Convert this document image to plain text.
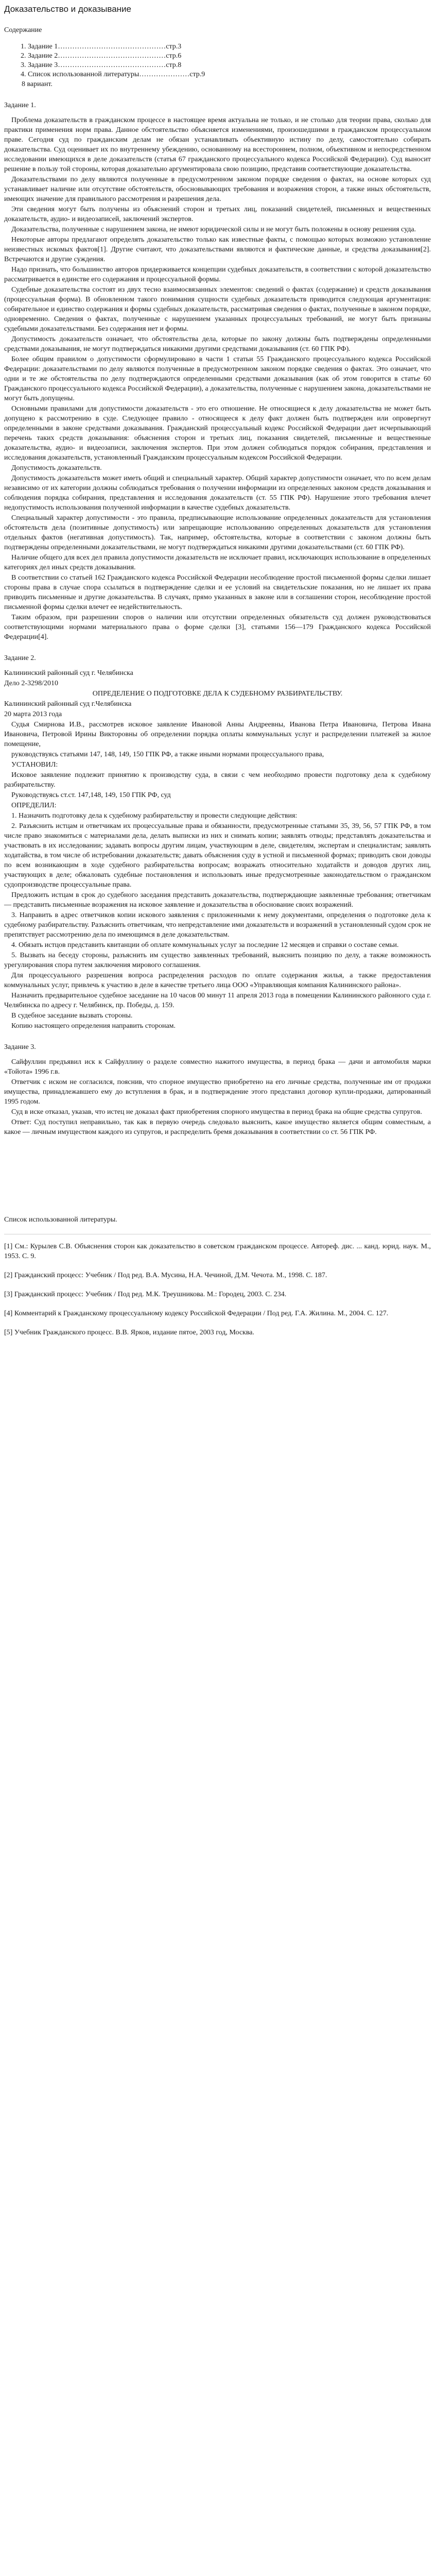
Доказательство и доказывание
Содержание
1. Задание 1………………………………………стр.3
2. Задание 2………………………………………стр.6
3. Задание 3………………………………………стр.8
4. Список использованной литературы…………………стр.9

8 вариант.

Задание 1.

Проблема доказательств в гражданском процессе в настоящее время актуальна не только, и не столько для теории права, сколько для практики применения норм права. Данное обстоятельство объясняется изменениями, произошедшими в гражданском процессуальном праве. Сегодня суд по гражданским делам не обязан устанавливать объективную истину по делу, самостоятельно собирать доказательства. Суд оценивает их по внутреннему убеждению, основанному на всестороннем, полном, объективном и непосредственном исследовании имеющихся в деле доказательств (статья 67 гражданского процессуального кодекса Российской Федерации). Суд выносит решение в пользу той стороны, которая доказательно аргументировала свою позицию, представив соответствующие доказательства.

Доказательствами по делу являются полученные в предусмотренном законом порядке сведения о фактах, на основе которых суд устанавливает наличие или отсутствие обстоятельств, обосновывающих требования и возражения сторон, а также иных обстоятельств, имеющих значение для правильного рассмотрения и разрешения дела.

Эти сведения могут быть получены из объяснений сторон и третьих лиц, показаний свидетелей, письменных и вещественных доказательств, аудио- и видеозаписей, заключений экспертов.

Доказательства, полученные с нарушением закона, не имеют юридической силы и не могут быть положены в основу решения суда.

Некоторые авторы предлагают определять доказательство только как известные факты, с помощью которых возможно установление неизвестных искомых фактов[1]. Другие считают, что доказательствами являются и фактические данные, и средства доказывания[2]. Встречаются и другие суждения.

Надо признать, что большинство авторов придерживается концепции судебных доказательств, в соответствии с которой доказательство рассматривается в единстве его содержания и процессуальной формы.

Судебные доказательства состоят из двух тесно взаимосвязанных элементов: сведений о фактах (содержание) и средств доказывания (процессуальная форма). В обновленном такого понимания сущности судебных доказательств приводится следующая аргументация: собирательное и единство содержания и формы судебных доказательств, рассматривая сведения о фактах, полученные в законом порядке, одновременно. Сведения о фактах, полученные с нарушением указанных процессуальных требований, не могут быть признаны судебными доказательствами. Без содержания нет и формы.

Допустимость доказательств означает, что обстоятельства дела, которые по закону должны быть подтверждены определенными средствами доказывания, не могут подтверждаться никакими другими средствами доказывания (ст. 60 ГПК РФ).

Более общим правилом о допустимости сформулировано в части 1 статьи 55 Гражданского процессуального кодекса Российской Федерации: доказательствами по делу являются полученные в предусмотренном законом порядке сведения о фактах. Это означает, что одни и те же обстоятельства по делу подтверждаются определенными средствами доказывания (как об этом говорится в статье 60 Гражданского процессуального кодекса Российской Федерации), а доказательства, полученные с нарушением закона, доказательствами не могут быть допущены.

Основными правилами для допустимости доказательств - это его отношение. Не относящиеся к делу доказательства не может быть допущено к рассмотрению в суде. Следующее правило - относящееся к делу факт должен быть подтвержден или опровергнут определенными в законе средствами доказывания. Гражданский процессуальный кодекс Российской Федерации дает исчерпывающий перечень таких средств доказывания: объяснения сторон и третьих лиц, показания свидетелей, письменные и вещественные доказательства, аудио- и видеозаписи, заключения экспертов. При этом должен соблюдаться порядок собирания, представления и исследования доказательств, установленный Гражданским процессуальным кодексом Российской Федерации.

Допустимость доказательств.

Допустимость доказательств может иметь общий и специальный характер. Общий характер допустимости означает, что по всем делам независимо от их категории должны соблюдаться требования о получении информации из определенных законом средств доказывания и соблюдения порядка собирания, представления и исследования доказательств (ст. 55 ГПК РФ). Нарушение этого требования влечет недопустимость использования полученной информации в качестве судебных доказательств.

Специальный характер допустимости - это правила, предписывающие использование определенных доказательств для установления обстоятельств дела (позитивные допустимость) или запрещающие использованию определенных доказательств для установления отдельных фактов (негативная допустимость). Так, например, обстоятельства, которые в соответствии с законом должны быть подтверждены определенными доказательствами, не могут подтверждаться никакими другими доказательствами (ст. 60 ГПК РФ).

Наличие общего для всех дел правила допустимости доказательств не исключает правил, исключающих использование в определенных категориях дел иных средств доказывания.

В соответствии со статьей 162 Гражданского кодекса Российской Федерации несоблюдение простой письменной формы сделки лишает стороны права в случае спора ссылаться в подтверждение сделки и ее условий на свидетельские показания, но не лишает их права приводить письменные и другие доказательства. В случаях, прямо указанных в законе или в соглашении сторон, несоблюдение простой письменной формы сделки влечет ее недействительность.

Таким образом, при разрешении споров о наличии или отсутствии определенных обязательств суд должен руководствоваться соответствующими нормами материального права о форме сделки [3], статьями 156—179 Гражданского кодекса Российской Федерации[4].

Задание 2.

Калининский районный суд г. Челябинска

Дело 2-3298/2010

ОПРЕДЕЛЕНИЕ О ПОДГОТОВКЕ ДЕЛА К СУДЕБНОМУ РАЗБИРАТЕЛЬСТВУ.

Калининский районный суд г.Челябинска

20 марта 2013 года

Судья Смирнова И.В., рассмотрев исковое заявление Ивановой Анны Андреевны, Иванова Петра Ивановича, Петрова Ивана Ивановича, Петровой Ирины Викторовны об определении порядка оплаты коммунальных услуг и распределении платежей за жилое помещение,

руководствуясь статьями 147, 148, 149, 150 ГПК РФ, а также иными нормами процессуального права,

УСТАНОВИЛ:

Исковое заявление подлежит принятию к производству суда, в связи с чем необходимо провести подготовку дела к судебному разбирательству.

Руководствуясь ст.ст. 147,148, 149, 150 ГПК РФ, суд

ОПРЕДЕЛИЛ:

1. Назначить подготовку дела к судебному разбирательству и провести следующие действия:

2. Разъяснить истцам и ответчикам их процессуальные права и обязанности, предусмотренные статьями 35, 39, 56, 57 ГПК РФ, в том числе право знакомиться с материалами дела, делать выписки из них и снимать копии; заявлять отводы; представлять доказательства и участвовать в их исследовании; задавать вопросы другим лицам, участвующим в деле, свидетелям, экспертам и специалистам; заявлять ходатайства, в том числе об истребовании доказательств; давать объяснения суду в устной и письменной формах; приводить свои доводы по всем возникающим в ходе судебного разбирательства вопросам; возражать относительно ходатайств и доводов других лиц, участвующих в деле; обжаловать судебные постановления и использовать иные предусмотренные законодательством о гражданском судопроизводстве процессуальные права.

Предложить истцам в срок до судебного заседания представить доказательства, подтверждающие заявленные требования; ответчикам — представить письменные возражения на исковое заявление и доказательства в обоснование своих возражений.

3. Направить в адрес ответчиков копии искового заявления с приложенными к нему документами, определения о подготовке дела к судебному разбирательству. Разъяснить ответчикам, что непредставление ими доказательств и возражений в установленный судом срок не препятствует рассмотрению дела по имеющимся в деле доказательствам.

4. Обязать истцов представить квитанции об оплате коммунальных услуг за последние 12 месяцев и справки о составе семьи.

5. Вызвать на беседу стороны, разъяснить им существо заявленных требований, выяснить позицию по делу, а также возможность урегулирования спора путем заключения мирового соглашения.

Для процессуального разрешения вопроса распределения расходов по оплате содержания жилья, а также предоставления коммунальных услуг, привлечь к участию в деле в качестве третьего лица ООО «Управляющая компания Калининского района».

Назначить предварительное судебное заседание на 10 часов 00 минут 11 апреля 2013 года в помещении Калининского районного суда г. Челябинска по адресу г. Челябинск, пр. Победы, д. 159.

В судебное заседание вызвать стороны.

Копию настоящего определения направить сторонам.

Задание 3.

Сайфуллин предъявил иск к Сайфуллину о разделе совместно нажитого имущества, в период брака — дачи и автомобиля марки «Тойота» 1996 г.в.

Ответчик с иском не согласился, пояснив, что спорное имущество приобретено на его личные средства, полученные им от продажи имущества, принадлежавшего ему до вступления в брак, и в подтверждение этого представил договор купли-продажи, датированный 1995 годом.

Суд в иске отказал, указав, что истец не доказал факт приобретения спорного имущества в период брака на общие средства супругов.

Ответ: Суд поступил неправильно, так как в первую очередь следовало выяснить, какое имущество является общим совместным, а какое — личным имуществом каждого из супругов, и распределить бремя доказывания в соответствии со ст. 56 ГПК РФ.

Список использованной литературы.

[1] См.: Курылев С.В. Объяснения сторон как доказательство в советском гражданском процессе. Автореф. дис. ... канд. юрид. наук. М., 1953. С. 9.

[2] Гражданский процесс: Учебник / Под ред. В.А. Мусина, Н.А. Чечиной, Д.М. Чечота. М., 1998. С. 187.

[3] Гражданский процесс: Учебник / Под ред. М.К. Треушникова. М.: Городец, 2003. С. 234.

[4] Комментарий к Гражданскому процессуальному кодексу Российской Федерации / Под ред. Г.А. Жилина. М., 2004. С. 127.

[5] Учебник Гражданского процесс. В.В. Ярков, издание пятое, 2003 год, Москва.
